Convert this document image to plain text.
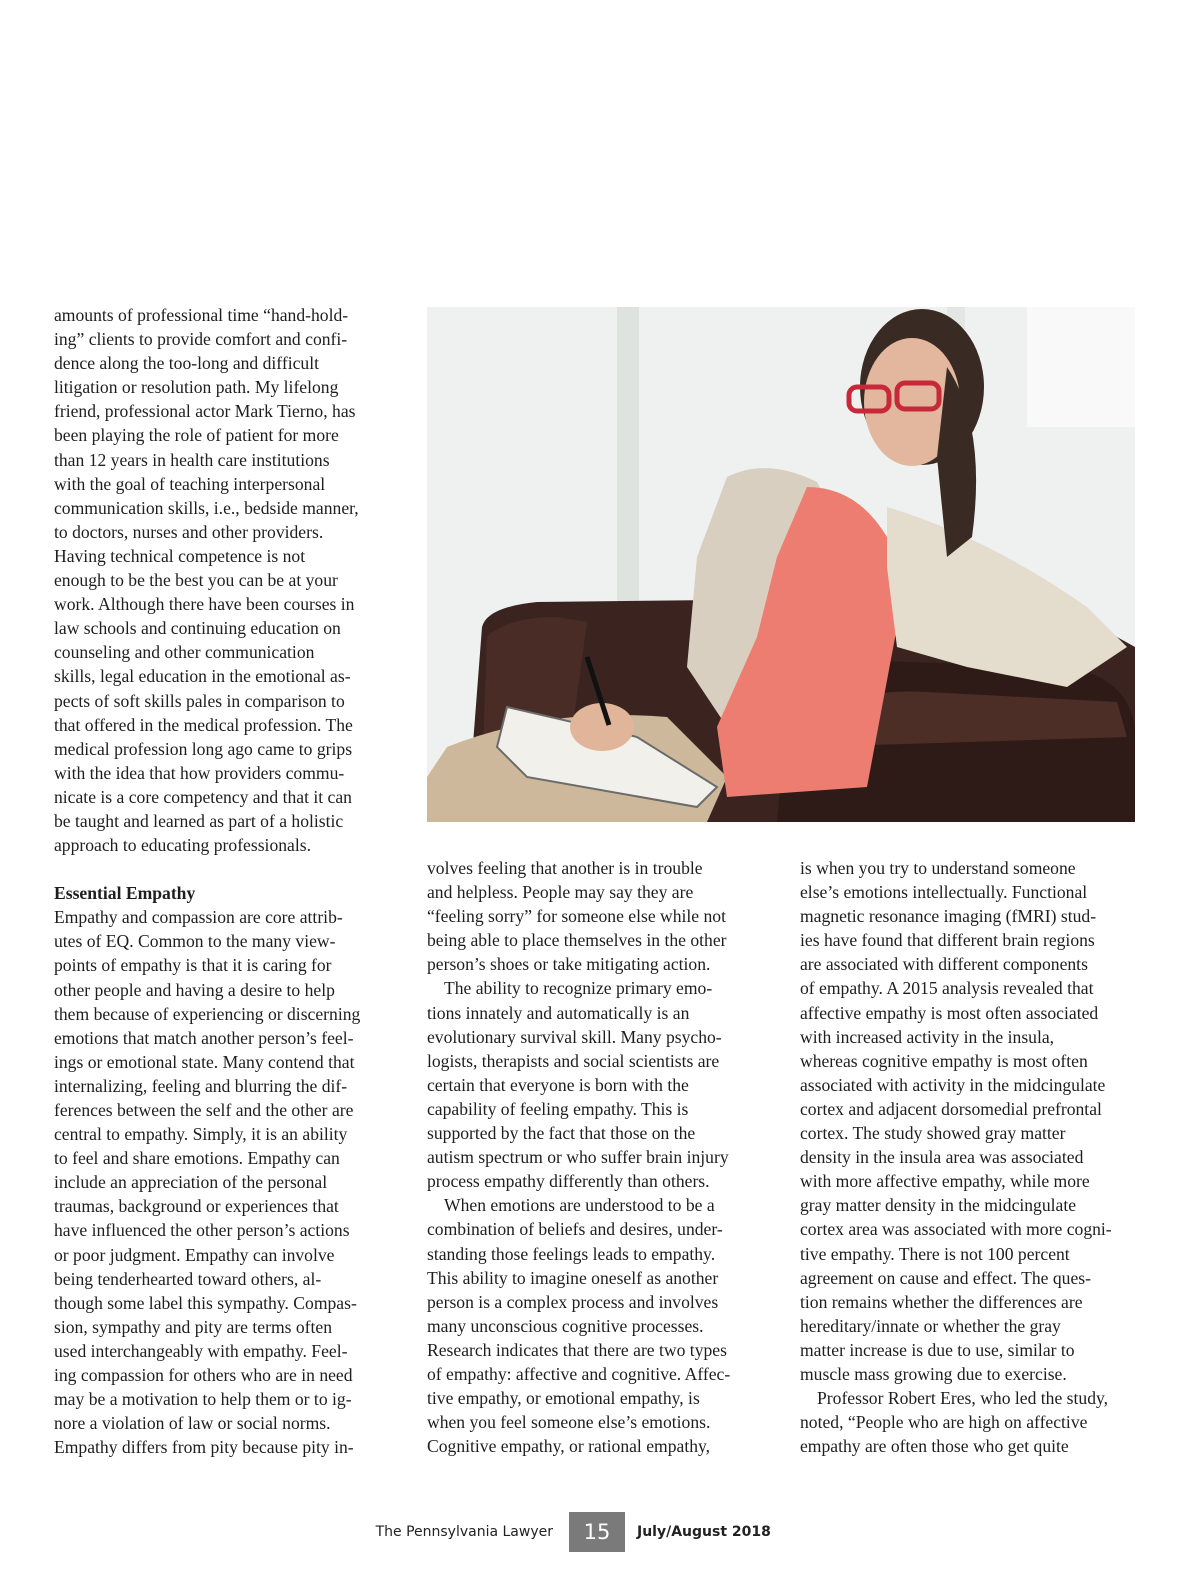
amounts of professional time “hand-hold-
ing” clients to provide comfort and confi-
dence along the too-long and difficult
litigation or resolution path. My lifelong
friend, professional actor Mark Tierno, has
been playing the role of patient for more
than 12 years in health care institutions
with the goal of teaching interpersonal
communication skills, i.e., bedside manner,
to doctors, nurses and other providers.
Having technical competence is not
enough to be the best you can be at your
work. Although there have been courses in
law schools and continuing education on
counseling and other communication
skills, legal education in the emotional as-
pects of soft skills pales in comparison to
that offered in the medical profession. The
medical profession long ago came to grips
with the idea that how providers commu-
nicate is a core competency and that it can
be taught and learned as part of a holistic
approach to educating professionals.

Essential Empathy

Empathy and compassion are core attrib-
utes of EQ. Common to the many view-
points of empathy is that it is caring for
other people and having a desire to help
them because of experiencing or discerning
emotions that match another person’s feel-
ings or emotional state. Many contend that
internalizing, feeling and blurring the dif-
ferences between the self and the other are
central to empathy. Simply, it is an ability
to feel and share emotions. Empathy can
include an appreciation of the personal
traumas, background or experiences that
have influenced the other person’s actions
or poor judgment. Empathy can involve
being tenderhearted toward others, al-
though some label this sympathy. Compas-
sion, sympathy and pity are terms often
used interchangeably with empathy. Feel-
ing compassion for others who are in need
may be a motivation to help them or to ig-
nore a violation of law or social norms.
Empathy differs from pity because pity in-

volves feeling that another is in trouble
and helpless. People may say they are
“feeling sorry” for someone else while not
being able to place themselves in the other
person’s shoes or take mitigating action.

The ability to recognize primary emo-
tions innately and automatically is an
evolutionary survival skill. Many psycho-
logists, therapists and social scientists are
certain that everyone is born with the
capability of feeling empathy. This is
supported by the fact that those on the
autism spectrum or who suffer brain injury
process empathy differently than others.

When emotions are understood to be a
combination of beliefs and desires, under-
standing those feelings leads to empathy.
This ability to imagine oneself as another
person is a complex process and involves
many unconscious cognitive processes.
Research indicates that there are two types
of empathy: affective and cognitive. Affec-
tive empathy, or emotional empathy, is
when you feel someone else’s emotions.
Cognitive empathy, or rational empathy,

is when you try to understand someone
else’s emotions intellectually. Functional
magnetic resonance imaging (fMRI) stud-
ies have found that different brain regions
are associated with different components
of empathy. A 2015 analysis revealed that
affective empathy is most often associated
with increased activity in the insula,
whereas cognitive empathy is most often
associated with activity in the midcingulate
cortex and adjacent dorsomedial prefrontal
cortex. The study showed gray matter
density in the insula area was associated
with more affective empathy, while more
gray matter density in the midcingulate
cortex area was associated with more cogni-
tive empathy. There is not 100 percent
agreement on cause and effect. The ques-
tion remains whether the differences are
hereditary/innate or whether the gray
matter increase is due to use, similar to
muscle mass growing due to exercise.

Professor Robert Eres, who led the study,
noted, “People who are high on affective
empathy are often those who get quite

The Pennsylvania Lawyer 15 July/August 2018
